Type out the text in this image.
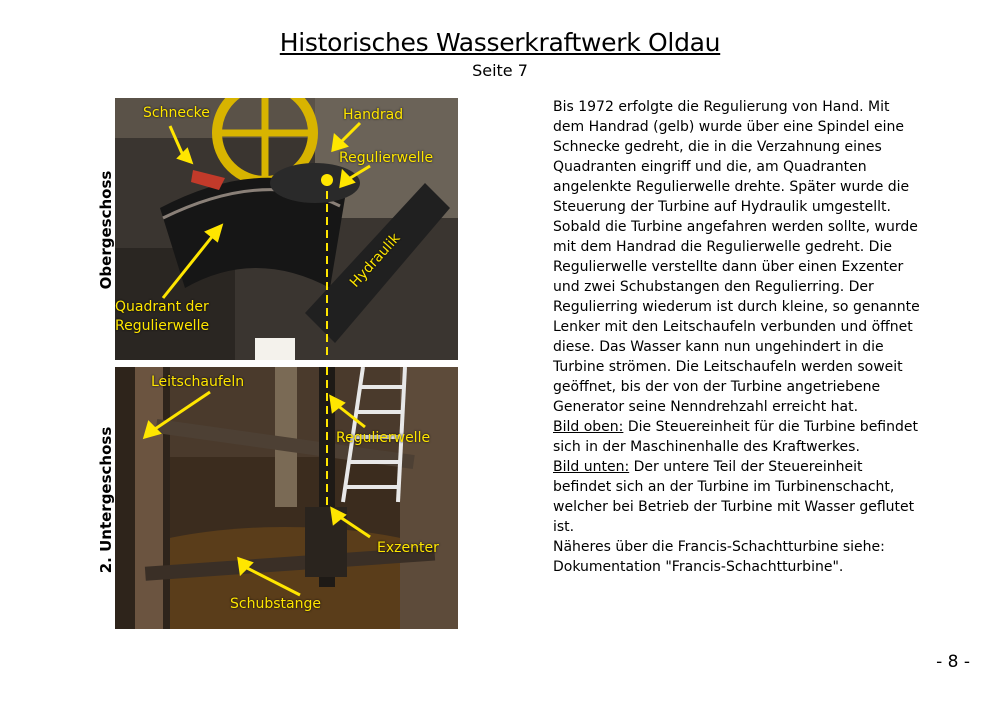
Historisches Wasserkraftwerk Oldau
Seite 7
Obergeschoss
2. Untergeschoss
Schnecke	Handrad
Regulierwelle
Quadrant der Regulierwelle
Hydraulik
Leitschaufeln
Regulierwelle
Exzenter
Schubstange

Bis 1972 erfolgte die Regulierung von Hand. Mit dem Handrad (gelb) wurde über eine Spindel eine Schnecke gedreht, die in die Verzahnung eines Quadranten eingriff und die, am Quadranten angelenkte Regulierwelle drehte. Später wurde die Steuerung der Turbine auf Hydraulik umgestellt.

Sobald die Turbine angefahren werden sollte, wurde mit dem Handrad die Regulierwelle gedreht. Die Regulierwelle verstellte dann über einen Exzenter und zwei Schubstangen den Regulierring. Der Regulierring wiederum ist durch kleine, so genannte Lenker mit den Leitschaufeln verbunden und öffnet diese. Das Wasser kann nun ungehindert in die Turbine strömen. Die Leitschaufeln werden soweit geöffnet, bis der von der Turbine angetriebene Generator seine Nenndrehzahl erreicht hat.

Bild oben: Die Steuereinheit für die Turbine befindet sich in der Maschinenhalle des Kraftwerkes.

Bild unten: Der untere Teil der Steuereinheit befindet sich an der Turbine im Turbinenschacht, welcher bei Betrieb der Turbine mit Wasser geflutet ist.

Näheres über die Francis-Schachtturbine siehe: Dokumentation "Francis-Schachtturbine".

- 8 -
